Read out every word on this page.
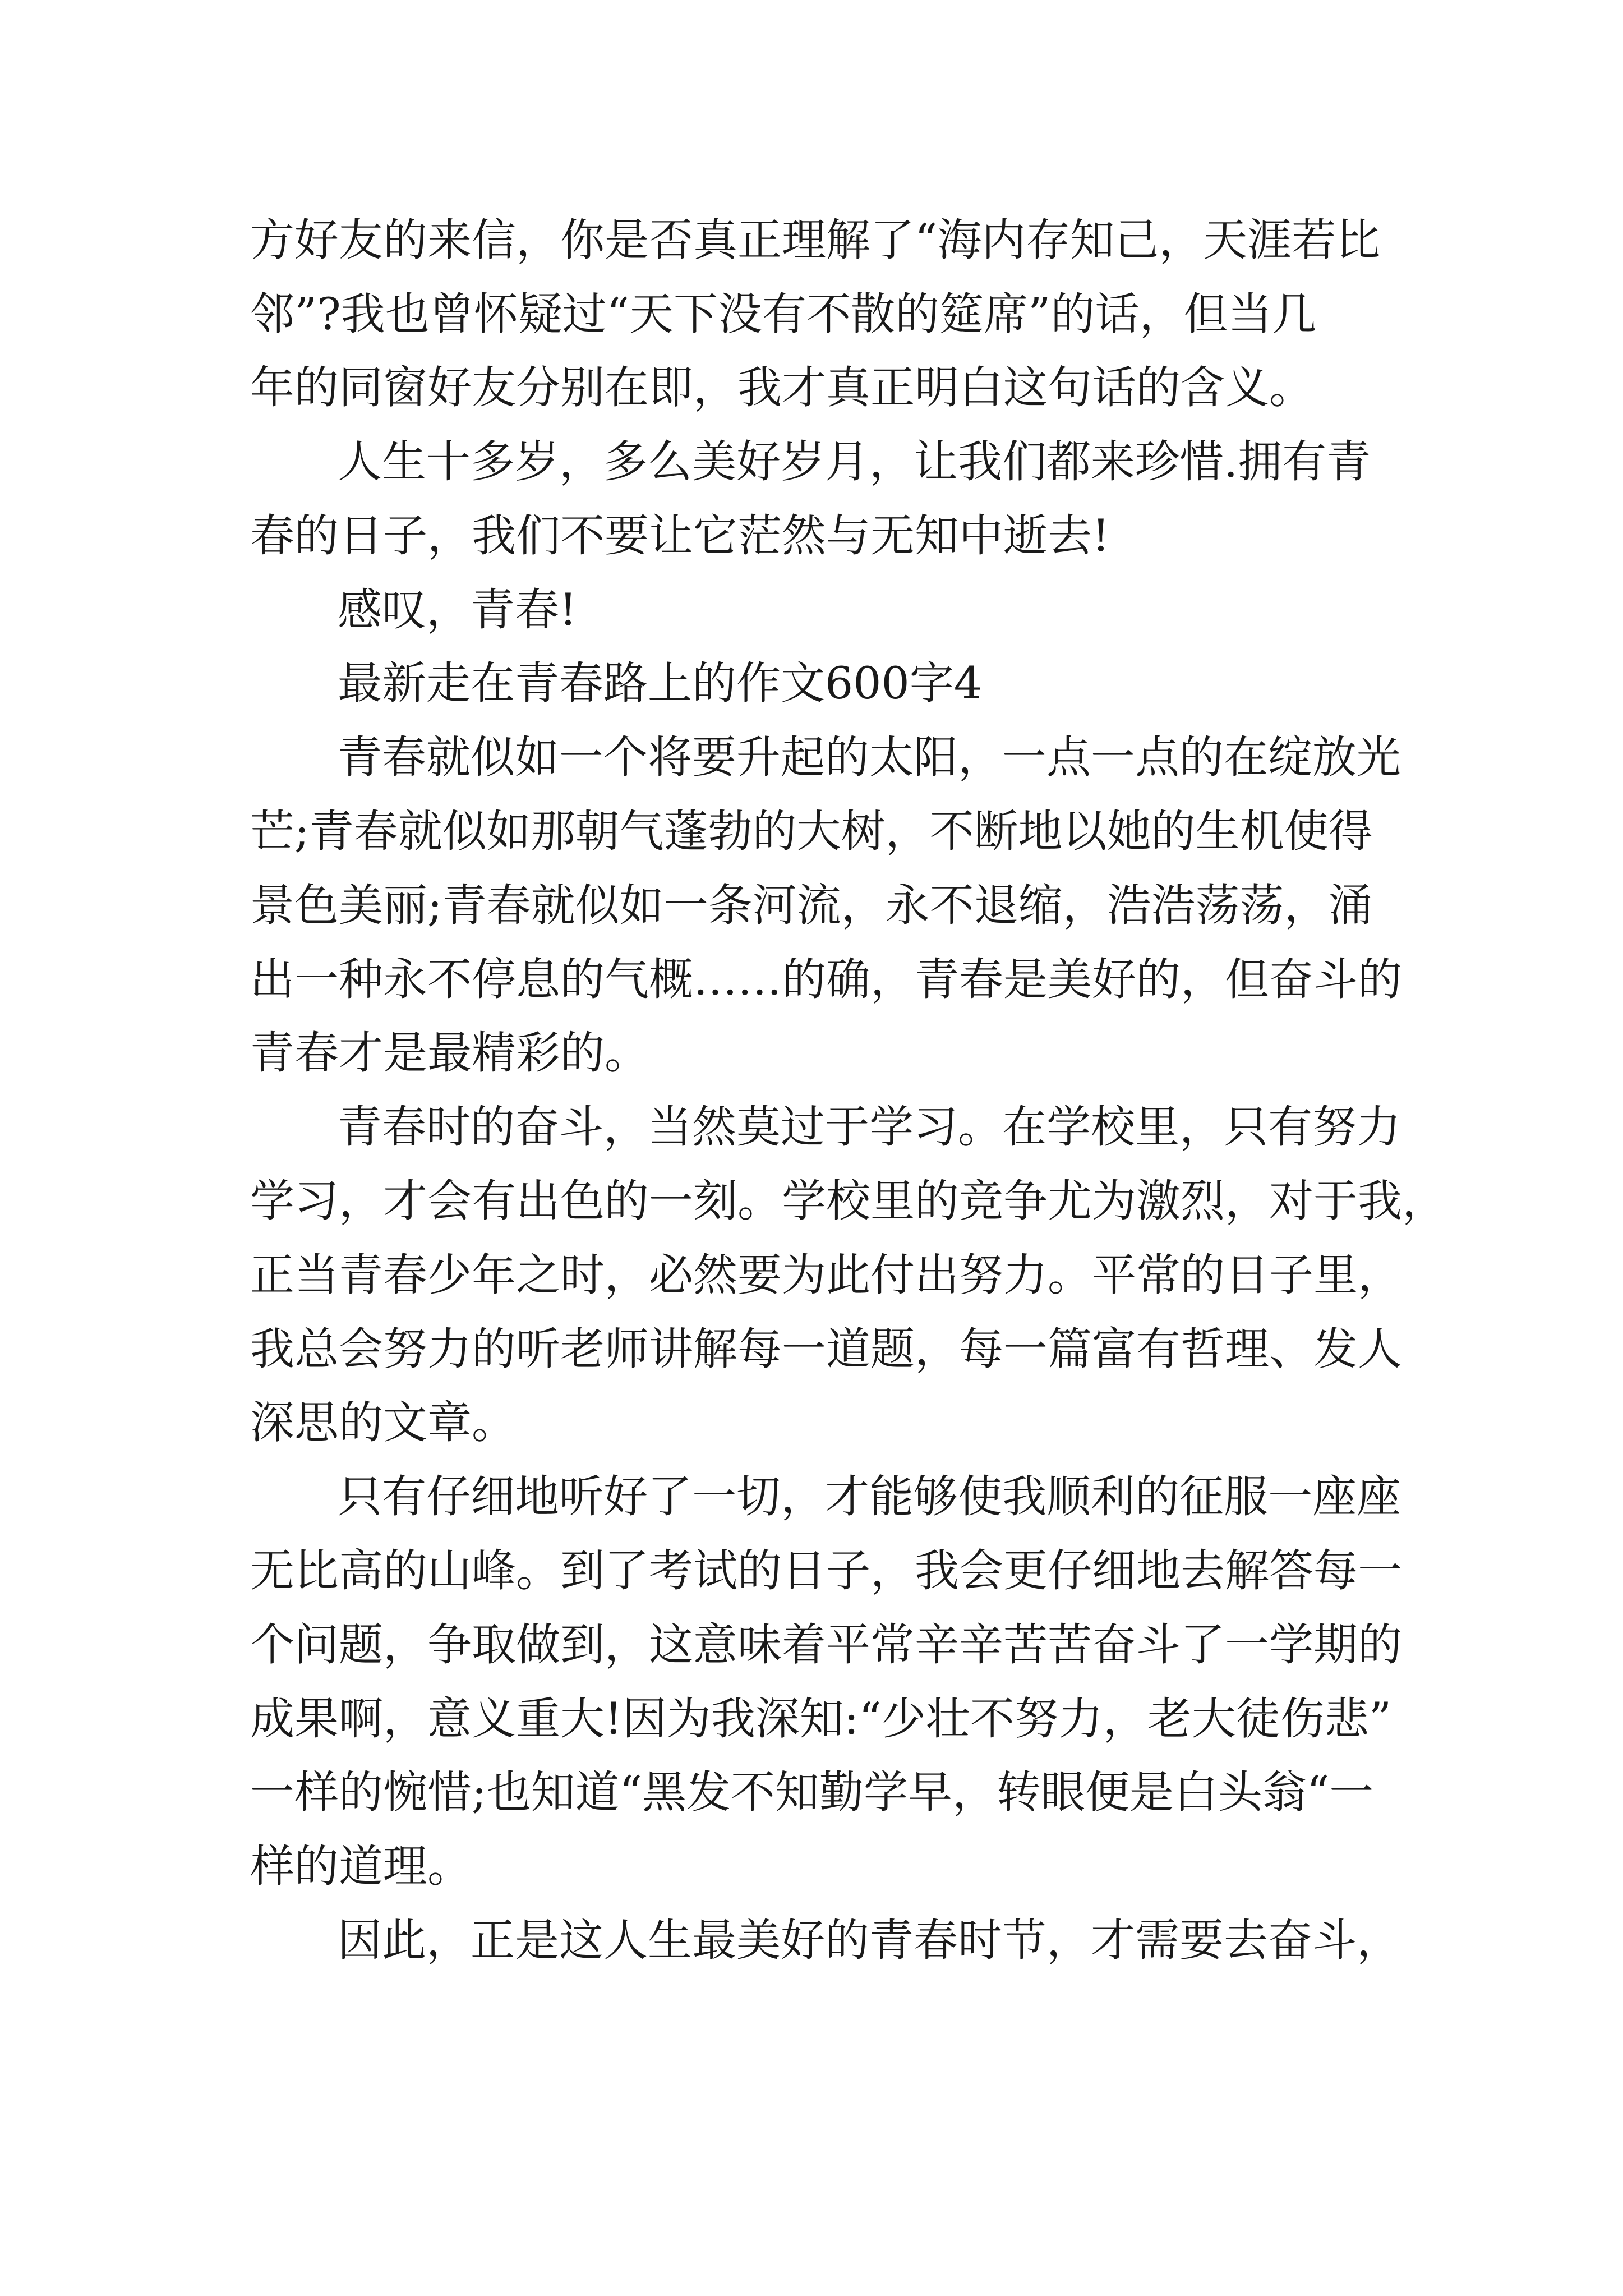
方好友的来信，你是否真正理解了“海内存知己，天涯若比
邻”?我也曾怀疑过“天下没有不散的筵席”的话，但当几
年的同窗好友分别在即，我才真正明白这句话的含义。
人生十多岁，多么美好岁月，让我们都来珍惜.拥有青
春的日子，我们不要让它茫然与无知中逝去!
感叹，青春!
最新走在青春路上的作文600字4
青春就似如一个将要升起的太阳，一点一点的在绽放光
芒;青春就似如那朝气蓬勃的大树，不断地以她的生机使得
景色美丽;青春就似如一条河流，永不退缩，浩浩荡荡，涌
出一种永不停息的气概……的确，青春是美好的，但奋斗的
青春才是最精彩的。
青春时的奋斗，当然莫过于学习。在学校里，只有努力
学习，才会有出色的一刻。学校里的竞争尤为激烈，对于我，
正当青春少年之时，必然要为此付出努力。平常的日子里，
我总会努力的听老师讲解每一道题，每一篇富有哲理、发人
深思的文章。
只有仔细地听好了一切，才能够使我顺利的征服一座座
无比高的山峰。到了考试的日子，我会更仔细地去解答每一
个问题，争取做到，这意味着平常辛辛苦苦奋斗了一学期的
成果啊，意义重大!因为我深知:“少壮不努力，老大徒伤悲”
一样的惋惜;也知道“黑发不知勤学早，转眼便是白头翁“一
样的道理。
因此，正是这人生最美好的青春时节，才需要去奋斗，
